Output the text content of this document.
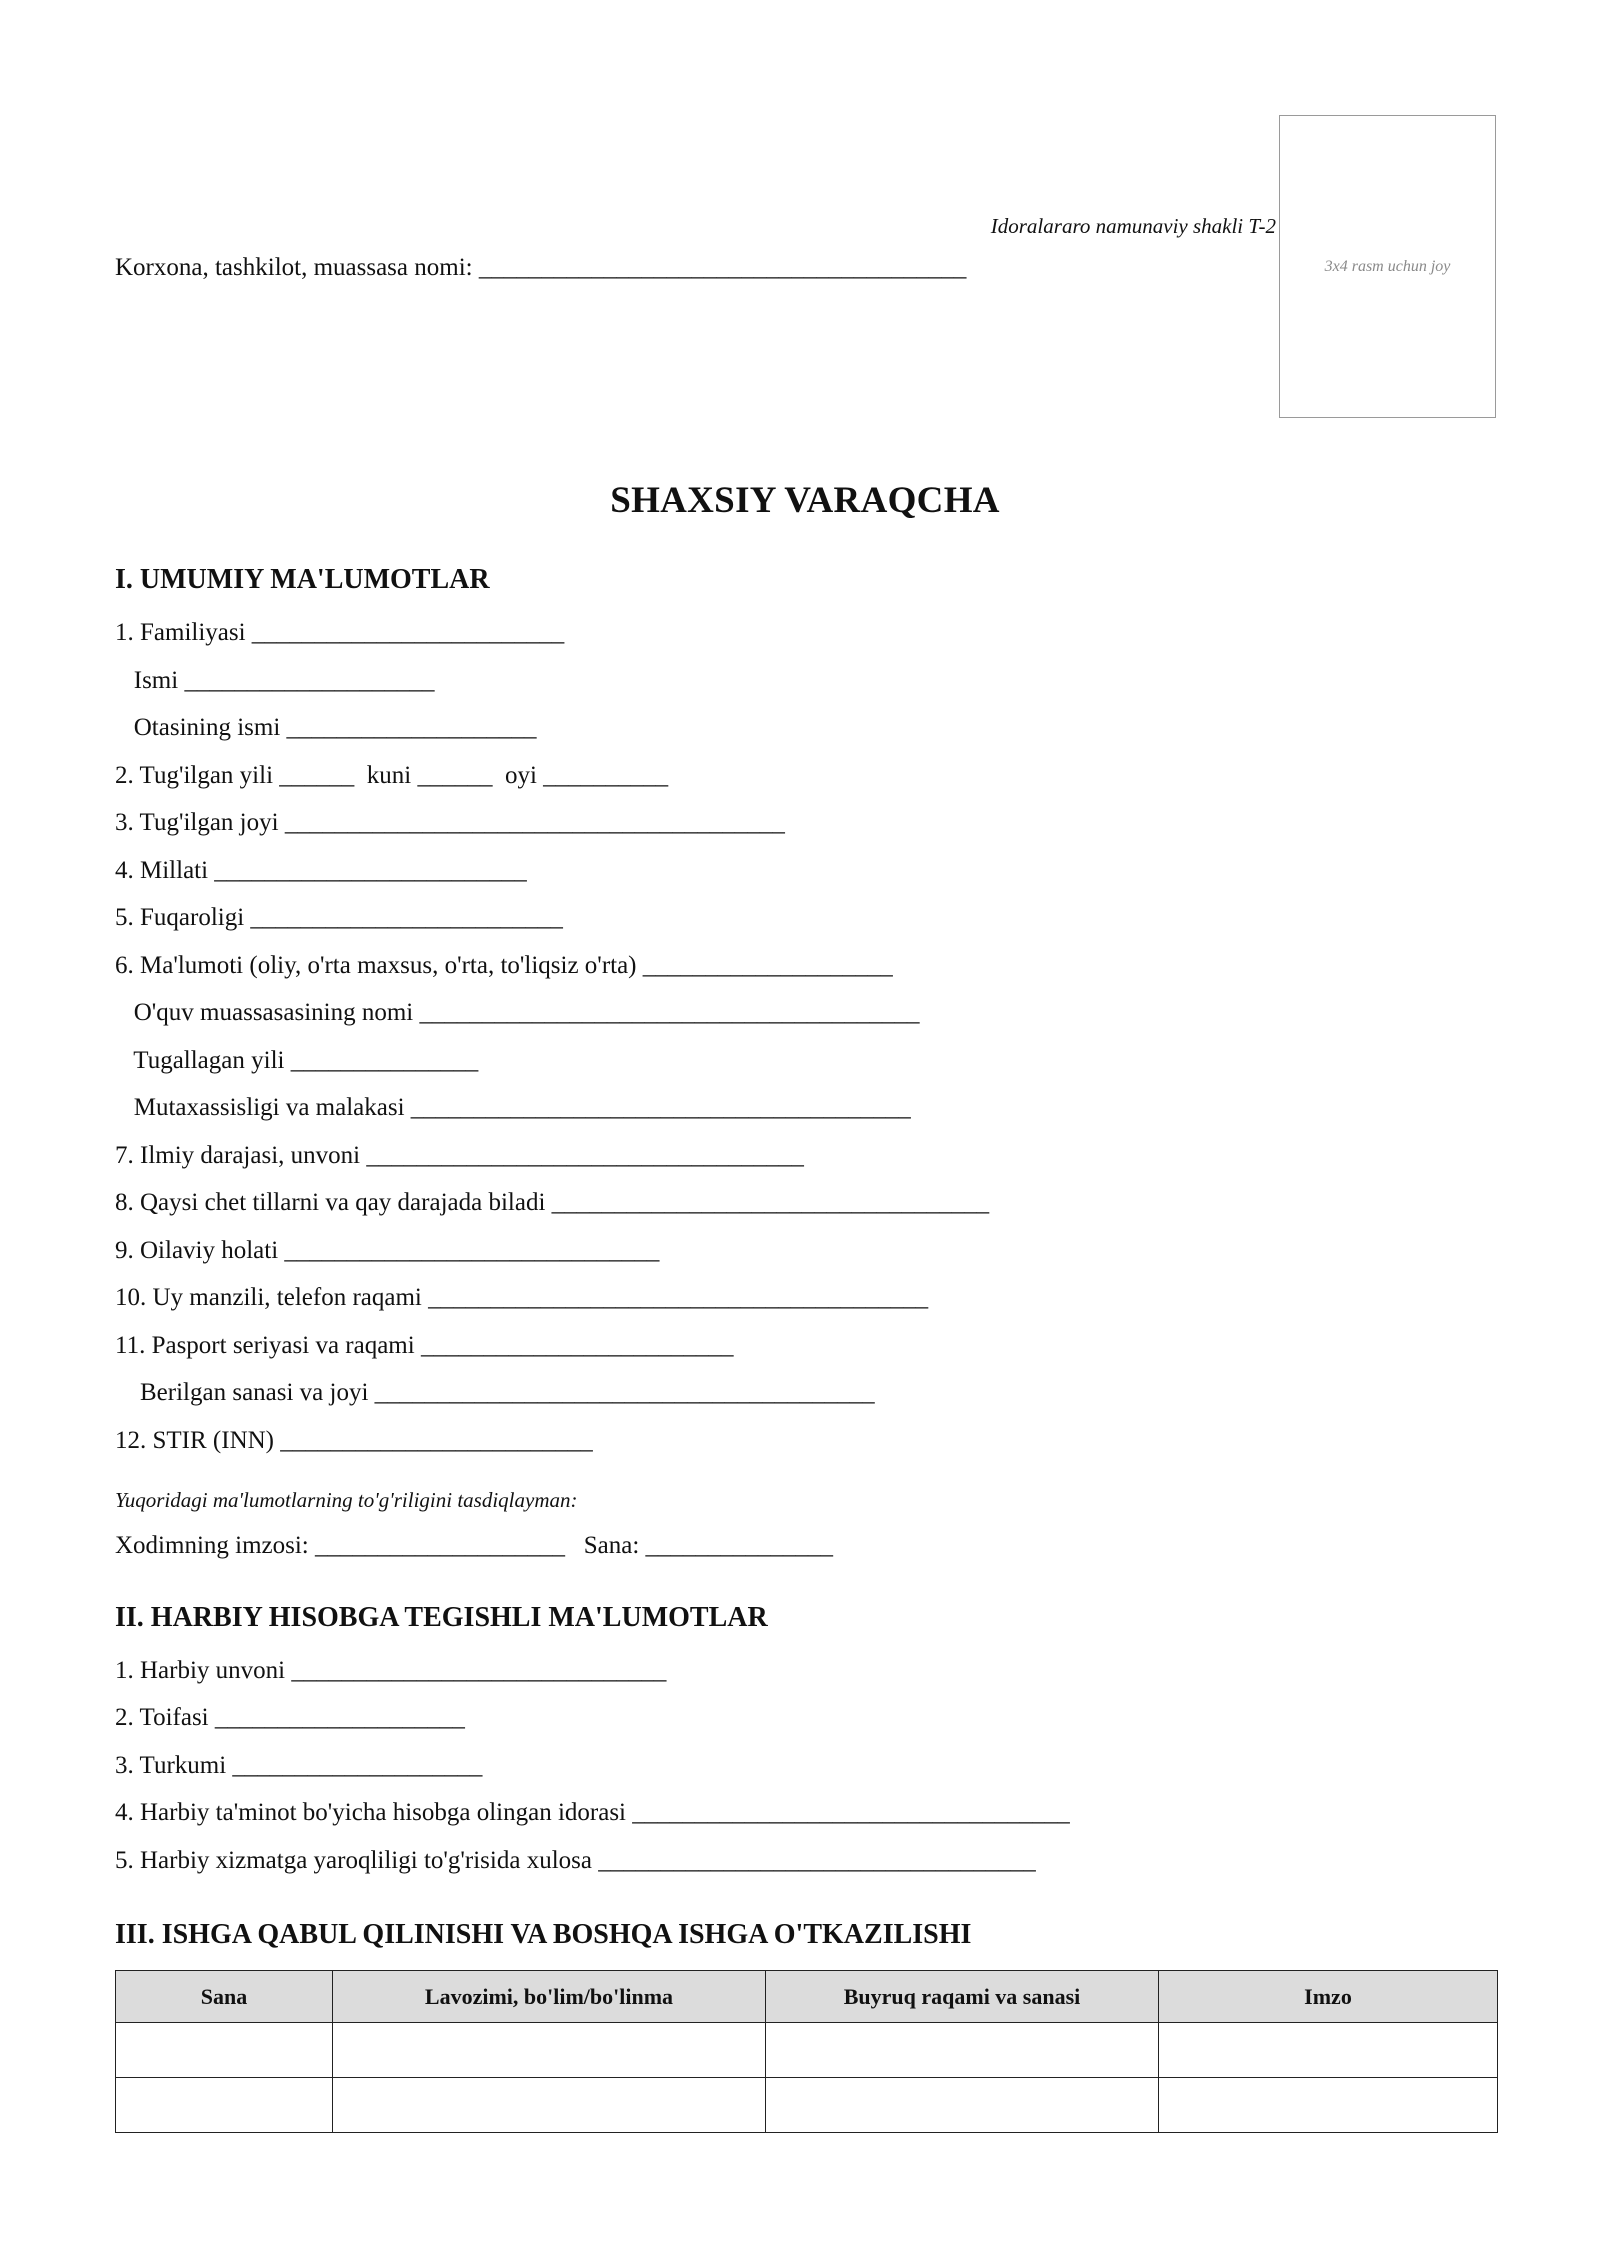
Idoralararo namunaviy shakli T-2
Korxona, tashkilot, muassasa nomi: _______________________________________	3x4 rasm uchun joy
SHAXSIY VARAQCHA
I. UMUMIY MA'LUMOTLAR
1. Familiyasi _________________________
Ismi ____________________
Otasining ismi ____________________
2. Tug'ilgan yili ______  kuni ______  oyi __________
3. Tug'ilgan joyi ________________________________________
4. Millati _________________________
5. Fuqaroligi _________________________
6. Ma'lumoti (oliy, o'rta maxsus, o'rta, to'liqsiz o'rta) ____________________
O'quv muassasasining nomi ________________________________________
Tugallagan yili _______________
Mutaxassisligi va malakasi ________________________________________
7. Ilmiy darajasi, unvoni ___________________________________
8. Qaysi chet tillarni va qay darajada biladi ___________________________________
9. Oilaviy holati ______________________________
10. Uy manzili, telefon raqami ________________________________________
11. Pasport seriyasi va raqami _________________________
Berilgan sanasi va joyi ________________________________________
12. STIR (INN) _________________________
Yuqoridagi ma'lumotlarning to'g'riligini tasdiqlayman:
Xodimning imzosi: ____________________   Sana: _______________
II. HARBIY HISOBGA TEGISHLI MA'LUMOTLAR
1. Harbiy unvoni ______________________________
2. Toifasi ____________________
3. Turkumi ____________________
4. Harbiy ta'minot bo'yicha hisobga olingan idorasi ___________________________________
5. Harbiy xizmatga yaroqliligi to'g'risida xulosa ___________________________________
III. ISHGA QABUL QILINISHI VA BOSHQA ISHGA O'TKAZILISHI
Sana	Lavozimi, bo'lim/bo'linma	Buyruq raqami va sanasi	Imzo
